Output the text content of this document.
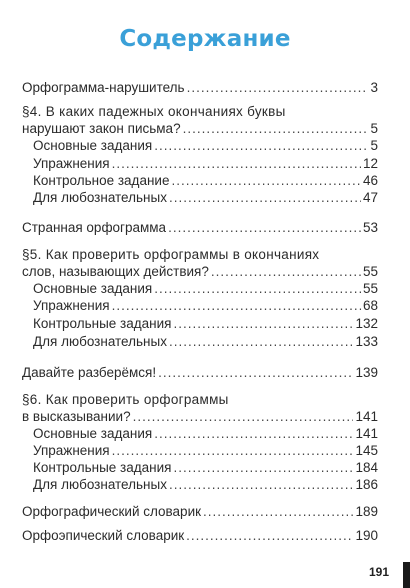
Содержание
Орфограмма-нарушитель .....	3
§4. В каких падежных окончаниях буквы
нарушают закон письма? .....	5
Основные задания .....	5
Упражнения .....	12
Контрольное задание .....	46
Для любознательных .....	47
Странная орфограмма .....	53
§5. Как проверить орфограммы в окончаниях
слов, называющих действия? .....	55
Основные задания .....	55
Упражнения .....	68
Контрольные задания .....	132
Для любознательных .....	133
Давайте разберёмся! .....	139
§6. Как проверить орфограммы
в высказывании? .....	141
Основные задания .....	141
Упражнения .....	145
Контрольные задания .....	184
Для любознательных .....	186
Орфографический словарик .....	189
Орфоэпический словарик .....	190
191
